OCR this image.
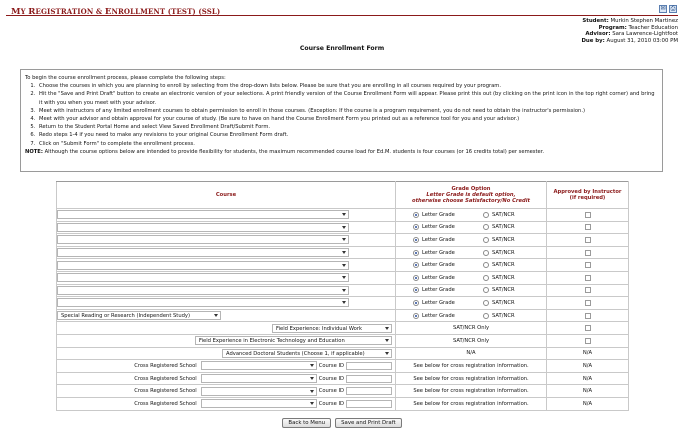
MY REGISTRATION & ENROLLMENT (TEST) (SSL)	✉ ⎙
Student: Murkin Stephen Martinez
Program: Teacher Education
Advisor: Sara Lawrence-Lightfoot
Due by: August 31, 2010 03:00 PM
Course Enrollment Form
To begin the course enrollment process, please complete the following steps:
1. Choose the courses in which you are planning to enroll by selecting from the drop-down lists below. Please be sure that you are enrolling in all courses required by your program.
2. Hit the "Save and Print Draft" button to create an electronic version of your selections. A print friendly version of the Course Enrollment Form will appear. Please print this out (by clicking on the print icon in the top right corner) and bring it with you when you meet with your advisor.
3. Meet with instructors of any limited enrollment courses to obtain permission to enroll in those courses. (Exception: If the course is a program requirement, you do not need to obtain the instructor's permission.)
4. Meet with your advisor and obtain approval for your course of study. (Be sure to have on hand the Course Enrollment Form you printed out as a reference tool for you and your advisor.)
5. Return to the Student Portal Home and select View Saved Enrollment Draft/Submit Form.
6. Redo steps 1-4 if you need to make any revisions to your original Course Enrollment Form draft.
7. Click on "Submit Form" to complete the enrollment process.
NOTE: Although the course options below are intended to provide flexibility for students, the maximum recommended course load for Ed.M. students is four courses (or 16 credits total) per semester.
Course	Grade Option
Letter Grade is default option,
otherwise choose Satisfactory/No Credit	Approved by Instructor
(if required)

	Letter Grade SAT/NCR	

	Letter Grade SAT/NCR	

	Letter Grade SAT/NCR	

	Letter Grade SAT/NCR	

	Letter Grade SAT/NCR	

	Letter Grade SAT/NCR	

	Letter Grade SAT/NCR	

	Letter Grade SAT/NCR	

Special Reading or Research (Independent Study)	Letter Grade SAT/NCR	

Field Experience: Individual Work	SAT/NCR Only	

Field Experience in Electronic Technology and Education	SAT/NCR Only	

Advanced Doctoral Students (Choose 1, if applicable)	N/A	N/A

Cross Registered School Course ID	See below for cross registration information.	N/A

Cross Registered School Course ID	See below for cross registration information.	N/A

Cross Registered School Course ID	See below for cross registration information.	N/A

Cross Registered School Course ID	See below for cross registration information.	N/A
Back to Menu	Save and Print Draft
